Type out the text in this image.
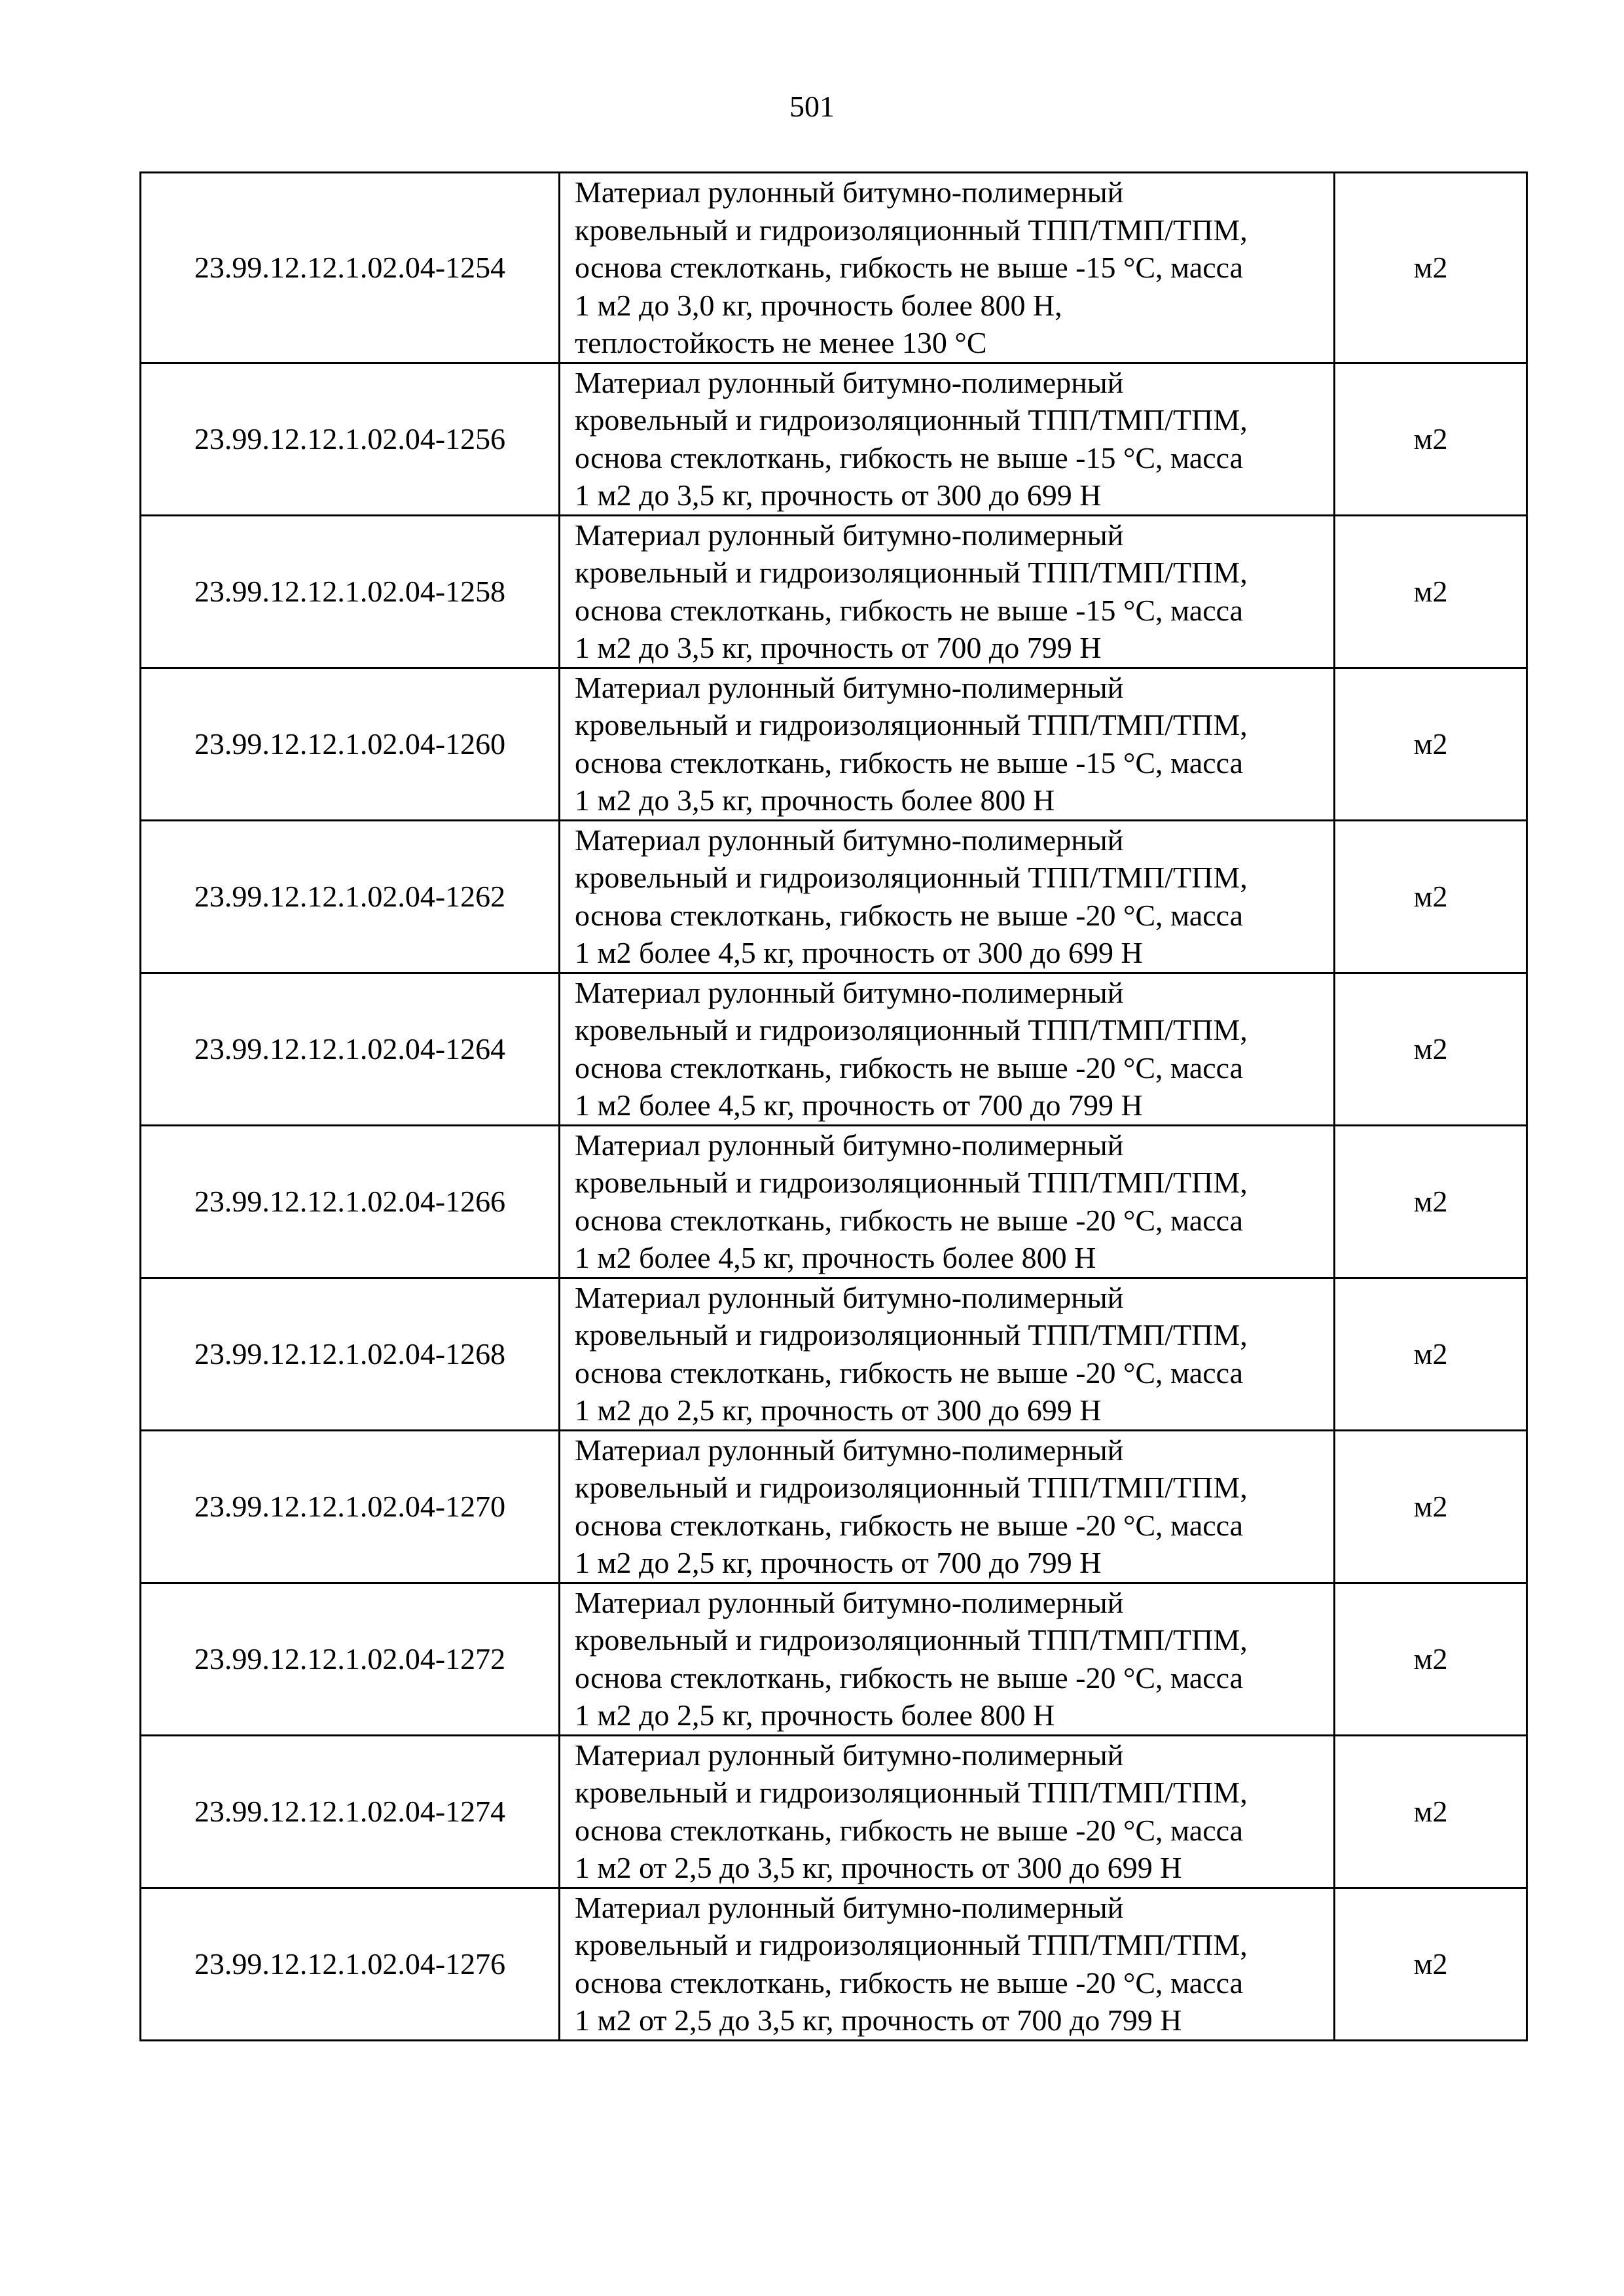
501
23.99.12.12.1.02.04-1254	Материал рулонный битумно-полимерный
кровельный и гидроизоляционный ТПП/ТМП/ТПМ,
основа стеклоткань, гибкость не выше -15 °С, масса
1 м2 до 3,0 кг, прочность более 800 Н,
теплостойкость не менее 130 °С	м2
23.99.12.12.1.02.04-1256	Материал рулонный битумно-полимерный
кровельный и гидроизоляционный ТПП/ТМП/ТПМ,
основа стеклоткань, гибкость не выше -15 °С, масса
1 м2 до 3,5 кг, прочность от 300 до 699 Н	м2
23.99.12.12.1.02.04-1258	Материал рулонный битумно-полимерный
кровельный и гидроизоляционный ТПП/ТМП/ТПМ,
основа стеклоткань, гибкость не выше -15 °С, масса
1 м2 до 3,5 кг, прочность от 700 до 799 Н	м2
23.99.12.12.1.02.04-1260	Материал рулонный битумно-полимерный
кровельный и гидроизоляционный ТПП/ТМП/ТПМ,
основа стеклоткань, гибкость не выше -15 °С, масса
1 м2 до 3,5 кг, прочность более 800 Н	м2
23.99.12.12.1.02.04-1262	Материал рулонный битумно-полимерный
кровельный и гидроизоляционный ТПП/ТМП/ТПМ,
основа стеклоткань, гибкость не выше -20 °С, масса
1 м2 более 4,5 кг, прочность от 300 до 699 Н	м2
23.99.12.12.1.02.04-1264	Материал рулонный битумно-полимерный
кровельный и гидроизоляционный ТПП/ТМП/ТПМ,
основа стеклоткань, гибкость не выше -20 °С, масса
1 м2 более 4,5 кг, прочность от 700 до 799 Н	м2
23.99.12.12.1.02.04-1266	Материал рулонный битумно-полимерный
кровельный и гидроизоляционный ТПП/ТМП/ТПМ,
основа стеклоткань, гибкость не выше -20 °С, масса
1 м2 более 4,5 кг, прочность более 800 Н	м2
23.99.12.12.1.02.04-1268	Материал рулонный битумно-полимерный
кровельный и гидроизоляционный ТПП/ТМП/ТПМ,
основа стеклоткань, гибкость не выше -20 °С, масса
1 м2 до 2,5 кг, прочность от 300 до 699 Н	м2
23.99.12.12.1.02.04-1270	Материал рулонный битумно-полимерный
кровельный и гидроизоляционный ТПП/ТМП/ТПМ,
основа стеклоткань, гибкость не выше -20 °С, масса
1 м2 до 2,5 кг, прочность от 700 до 799 Н	м2
23.99.12.12.1.02.04-1272	Материал рулонный битумно-полимерный
кровельный и гидроизоляционный ТПП/ТМП/ТПМ,
основа стеклоткань, гибкость не выше -20 °С, масса
1 м2 до 2,5 кг, прочность более 800 Н	м2
23.99.12.12.1.02.04-1274	Материал рулонный битумно-полимерный
кровельный и гидроизоляционный ТПП/ТМП/ТПМ,
основа стеклоткань, гибкость не выше -20 °С, масса
1 м2 от 2,5 до 3,5 кг, прочность от 300 до 699 Н	м2
23.99.12.12.1.02.04-1276	Материал рулонный битумно-полимерный
кровельный и гидроизоляционный ТПП/ТМП/ТПМ,
основа стеклоткань, гибкость не выше -20 °С, масса
1 м2 от 2,5 до 3,5 кг, прочность от 700 до 799 Н	м2
